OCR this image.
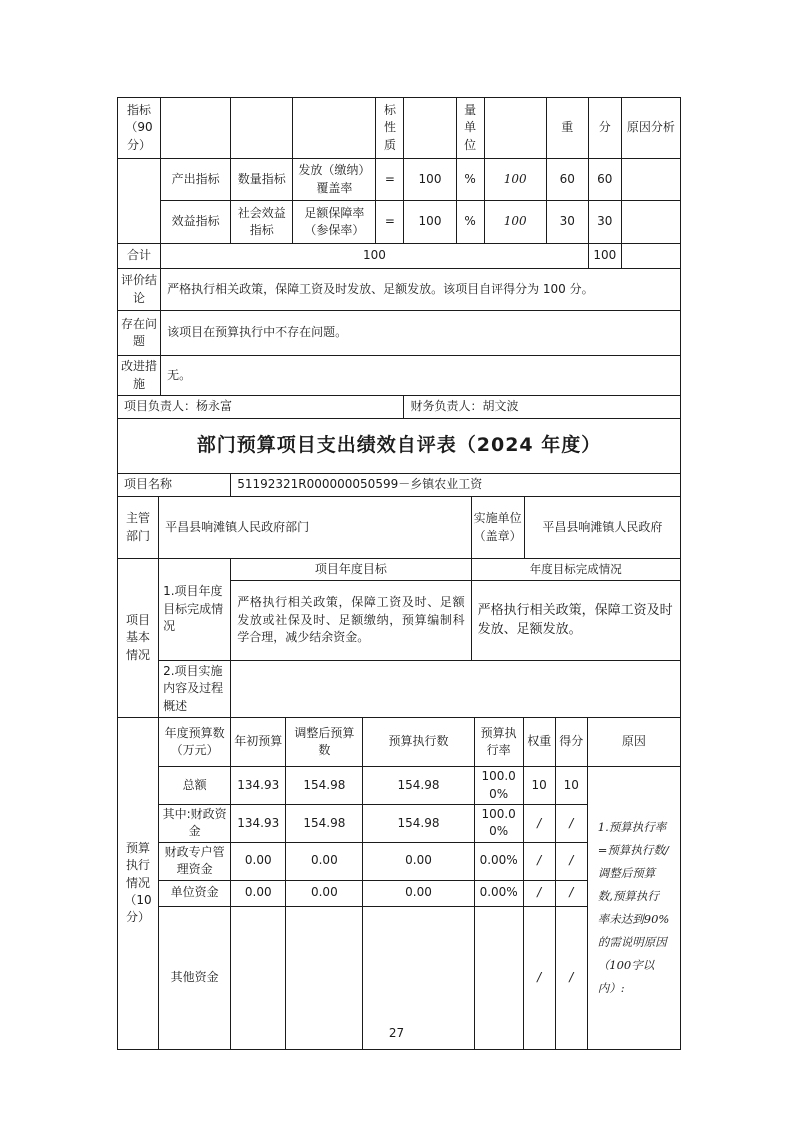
指标（90分）				标性质		量单位		重	分	原因分析
	产出指标	数量指标	发放（缴纳）覆盖率	=	100	%	100	60	60	
	效益指标	社会效益指标	足额保障率（参保率）	=	100	%	100	30	30	
合计	100								100	
评价结论	严格执行相关政策，保障工资及时发放、足额发放。该项目自评得分为 100 分。									
存在问题	该项目在预算执行中不存在问题。									
改进措施	无。									
项目负责人：杨永富					财务负责人：胡文波					
部门预算项目支出绩效自评表（2024 年度）
项目名称	51192321R000000050599－乡镇农业工资
主管部门	平昌县响滩镇人民政府部门	实施单位（盖章）	平昌县响滩镇人民政府
项目基本情况	1.项目年度目标完成情况	项目年度目标	年度目标完成情况
		严格执行相关政策，保障工资及时、足额发放或社保及时、足额缴纳，预算编制科学合理，减少结余资金。	严格执行相关政策，保障工资及时发放、足额发放。
	2.项目实施内容及过程概述		
预算执行情况（10分）	年度预算数（万元）	年初预算	调整后预算数	预算执行数	预算执行率	权重	得分	原因
	总额	134.93	154.98	154.98	100.00%	10	10	1.预算执行率=预算执行数/调整后预算数,预算执行率未达到90%的需说明原因（100字以内）:
	其中:财政资金	134.93	154.98	154.98	100.00%	/	/	
	财政专户管理资金	0.00	0.00	0.00	0.00%	/	/	
	单位资金	0.00	0.00	0.00	0.00%	/	/	
	其他资金					/	/	
27
